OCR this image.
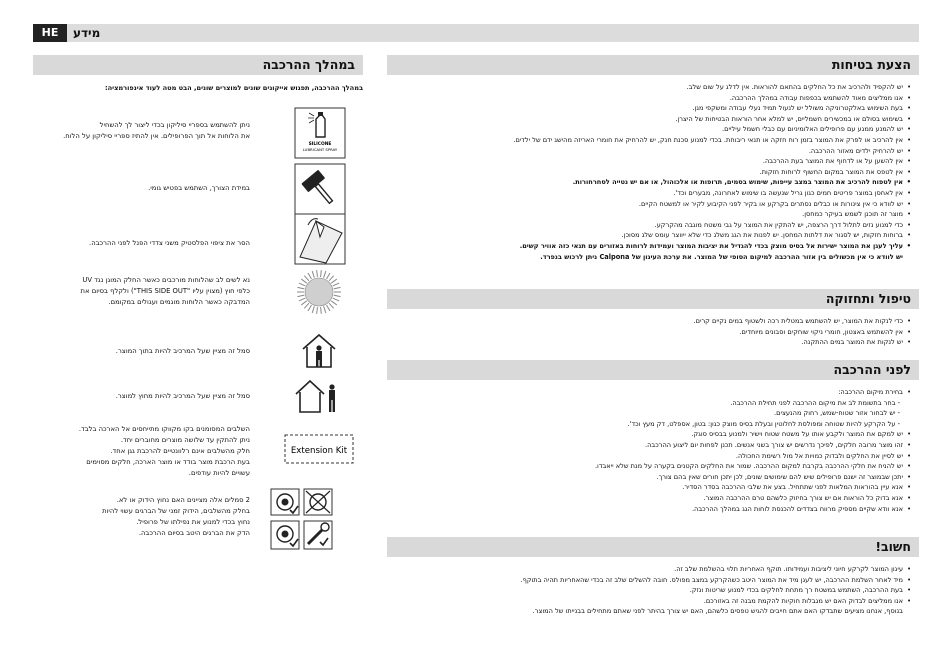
HE	מידע
הצעת בטיחות
• יש להקפיד ולהרכיב את כל החלקים בהתאם להוראות. אין לדלג על שום שלב.
• אנו ממליצים מאוד להשתמש בכפפות עבודה במהלך ההרכבה.
• בעת השימוש באלקטרוניקה משולל יש לנעול תמיד נעלי עבודה ומשקפי מגן.
• בשימוש בסולם או במכשירים חשמליים, יש למלא אחר הוראות הבטיחות של היצרן.
• יש להמנע ממגע עם פרופילים האלומיניום עם כבלי חשמל עיליים.
• אין להרכיב או לפרק את המוצר בזמן רוח חזקה או תנאי ריבוחת. בכדי למנוע סכנת חנק, יש להרחיק את חומרי האריזה מהישג ידם של ילדים.
• יש להרחיק ילדים מאזור ההרכבה.
• אין להשען על או לדחוף את המוצר בעת ההרכבה.
• אין לטפס את המוצר במקום החשוף לרוחות חזקות.
• אין לטפוח להרכיב את המוצר במצב עייפות, שימוש בסמים, תרופות או אלכוהול, או אם יש נטייה לסחרחורות.
• אין לאחסן במוצר פריטים חמים כגון גריל שנעשה בו שימוש לאחרונה, מבערים וכד'.
• יש לוודא כי אין צינורות או כבלים נסתרים בקרקע או בקיר לפני הקיבוע לקיר או למשטח הקיים.
• מוצר זה תוכנן לשמש בעיקר כמחסן.
• כדי למנוע נזים לתלול דרך הרצפה, יש להתקין את המוצר על גבי משטח מוגבה מהקרקע.
• ברוחות חזקות, יש לסגור את דלתות המחסן. יש לפנות את הגג משלג כדי שלא ייווצר עומס שלג מסוכן.
• עליך לעגן את המוצר ישירות אל בסיס מוצק בכדי להגדיל את יציבות המוצר ועמידות לרוחות באזורים עם תנאי כזה אוויר קשים.
יש לוודא כי אין מכשולים בין אזור ההרכבה למיקום הסופי של המוצר. את ערכת העיגון של Calpona ניתן לרכוש בנפרד.
טיפול ותחזוקה
• כדי לנקות את המוצר, יש להשתמש במטלית רכה ולשטוף במים נקיים קרים.
• אין להשתמש באצטון, חומרי ניקוי שוחקים וסבונים מיוחדים.
• יש לנקות את המוצר במים ההתקנה.
לפני ההרכבה
• בחירת מיקום ההרכבה:
- בחר בתשומת לב את מיקום ההרכבה לפני תחילת ההרכבה.
- יש לבחור אזור שטוח-שמש, רחוק מהנעצים.
- על הקרקע להיות שטוחה ומפולסת לחלוטין ובעלת בסיס מוצק כגון: בטון, אספלט, דק מעץ וכד'.
• יש למקם את המוצר ולקבע אותו על משטח שטוח וישיר ולמנוע בבסיס סוגק.
• זהו מוצר מרובה חלקים, לפיכך נדרשים יש צורך בשני אנשים. תכנן לפחות יום ליצוע ההרכבה.
• יש לסיין את החלקים ולבדוק כמויות אל מול רשימת החכולה.
• יש להניח את חלקי ההרכבה בקרבת למקום ההרכבה. שמור את החלקים הקטנים בקערה על מנת שלא ייאבדו.
• יתכן שבמוצר זה ישנם פרופילים שיש להם שימושים שונים, לכן יתכן חורים שאין בהם צורך.
• אנא עיין בהוראות המלאות לפני שתתחיל. בצע את שלבי ההרכבה בסדר הסדיר.
• אנא בדוק כל הוראות אם יש צורך בחיזוק כלשהם טרם ההרכבה המוצר.
• אנא וודא שקיים מספיק מרווח בצדדים להכנסת לוחות הגג במהלך ההרכבה.
חשוב!
• עיגון המוצר לקרקע חיוני ליציבות ועמידותו. תוקף האחריות תלוי בהשלמת שלב זה.
• מיד לאחר השלמת ההרכבה, יש לעגן מיד את המוצר היטב כשהקרקע במצב מפולס. חובה להשלים שלב זה בכדי שהאחריות תהיה בתוקף.
• בעת ההרכבה, השתמש במשטח רך מתחת לחלקים בכדי למנוע שריטות ונזק.
• אנו ממליצים לבדוק האם יש מגבלות חוקיות להקמת מבנה זה באזורכם.
בנוסף, אנחנו מציעים שתבדקו האם אתם חייבים להגיש טפסים כלשהם, האם יש צורך בהיתר לפני שאתם מתחילים בבנייתו של המוצר.
במהלך ההרכבה
במהלך ההרכבה, תפגוש אייקונים שונים למוצרים שונים, הבט מטה לעוד אינפורמציה:
SILICONE
LUBRICANT SPRAY
Extension Kit
ניתן להשתמש בספריי סיליקון בכדי ליצור לך להשחיל
את הלוחות אל תוך הפרופילים. אין להתיז ספריי סיליקון על הלוח.
במידת הצורך, השתמש בפטיש גומי.
הסר את ציפוי הפלסטיק משני צדדי הפנל לפני ההרכבה.
נא לשים לב שהלוחות מורכבים כאשר החלק המוגן נגד UV
כלפי חוץ (מצוין עליו "THIS SIDE OUT") ולקלף בסיום את
המדבקה כאשר הלוחות מוגמים ועגולים במקומם.
סמל זה מציין שעל המרכיב להיות בתוך המוצר.
סמל זה מציין שעל המרכיב להיות מחוץ למוצר.
השלבים המסומנים בקו מקווקו מתייחסים אל הארכה בלבד.
ניתן להתקין עד שלושה מוצרים מחוברים יחד.
חלק מהשלבים אינם רלוונטיים להרכבת גגן אחד.
בעת הרכבת מוצר בודד או מוצר הארכה, חלקים מסוימים
עשויים להיות עודפים.
2 סמלים אלה מציינים האם נחוץ הידוק או לא.
בחלק מהשלבים, הידוק זמני של הברגים עשוי להיות
נחוץ בכדי למנוע את נפילתו של פרופיל.
הדק את הברגים היטב בסיום ההרכבה.
